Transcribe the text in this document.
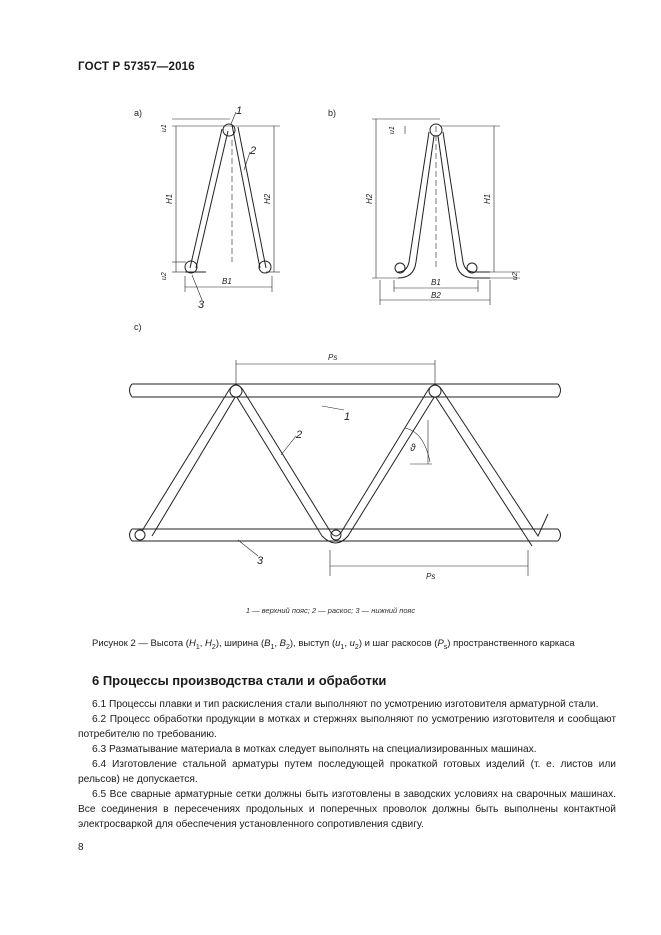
ГОСТ Р 57357—2016
a)	b)
c)
1
2
3
u1
u2
H1	H2
B1
u1
H2	H1
u2
B1
B2
Ps
Ps
ϑ
1
2
3
1 — верхний пояс; 2 — раскос; 3 — нижний пояс
Рисунок 2 — Высота ($H_1$, $H_2$), ширина ($B_1$, $B_2$), выступ ($u_1$, $u_2$) и шаг раскосов $(P_s)$ пространственного каркаса
6 Процессы производства стали и обработки

6.1 Процессы плавки и тип раскисления стали выполняют по усмотрению изготовителя арматурной стали.

6.2 Процесс обработки продукции в мотках и стержнях выполняют по усмотрению изготовителя и сообщают потребителю по требованию.

6.3 Разматывание материала в мотках следует выполнять на специализированных машинах.

6.4 Изготовление стальной арматуры путем последующей прокаткой готовых изделий (т. е. листов или рельсов) не допускается.

6.5 Все сварные арматурные сетки должны быть изготовлены в заводских условиях на сварочных машинах. Все соединения в пересечениях продольных и поперечных проволок должны быть выполнены контактной электросваркой для обеспечения установленного сопротивления сдвигу.

8
